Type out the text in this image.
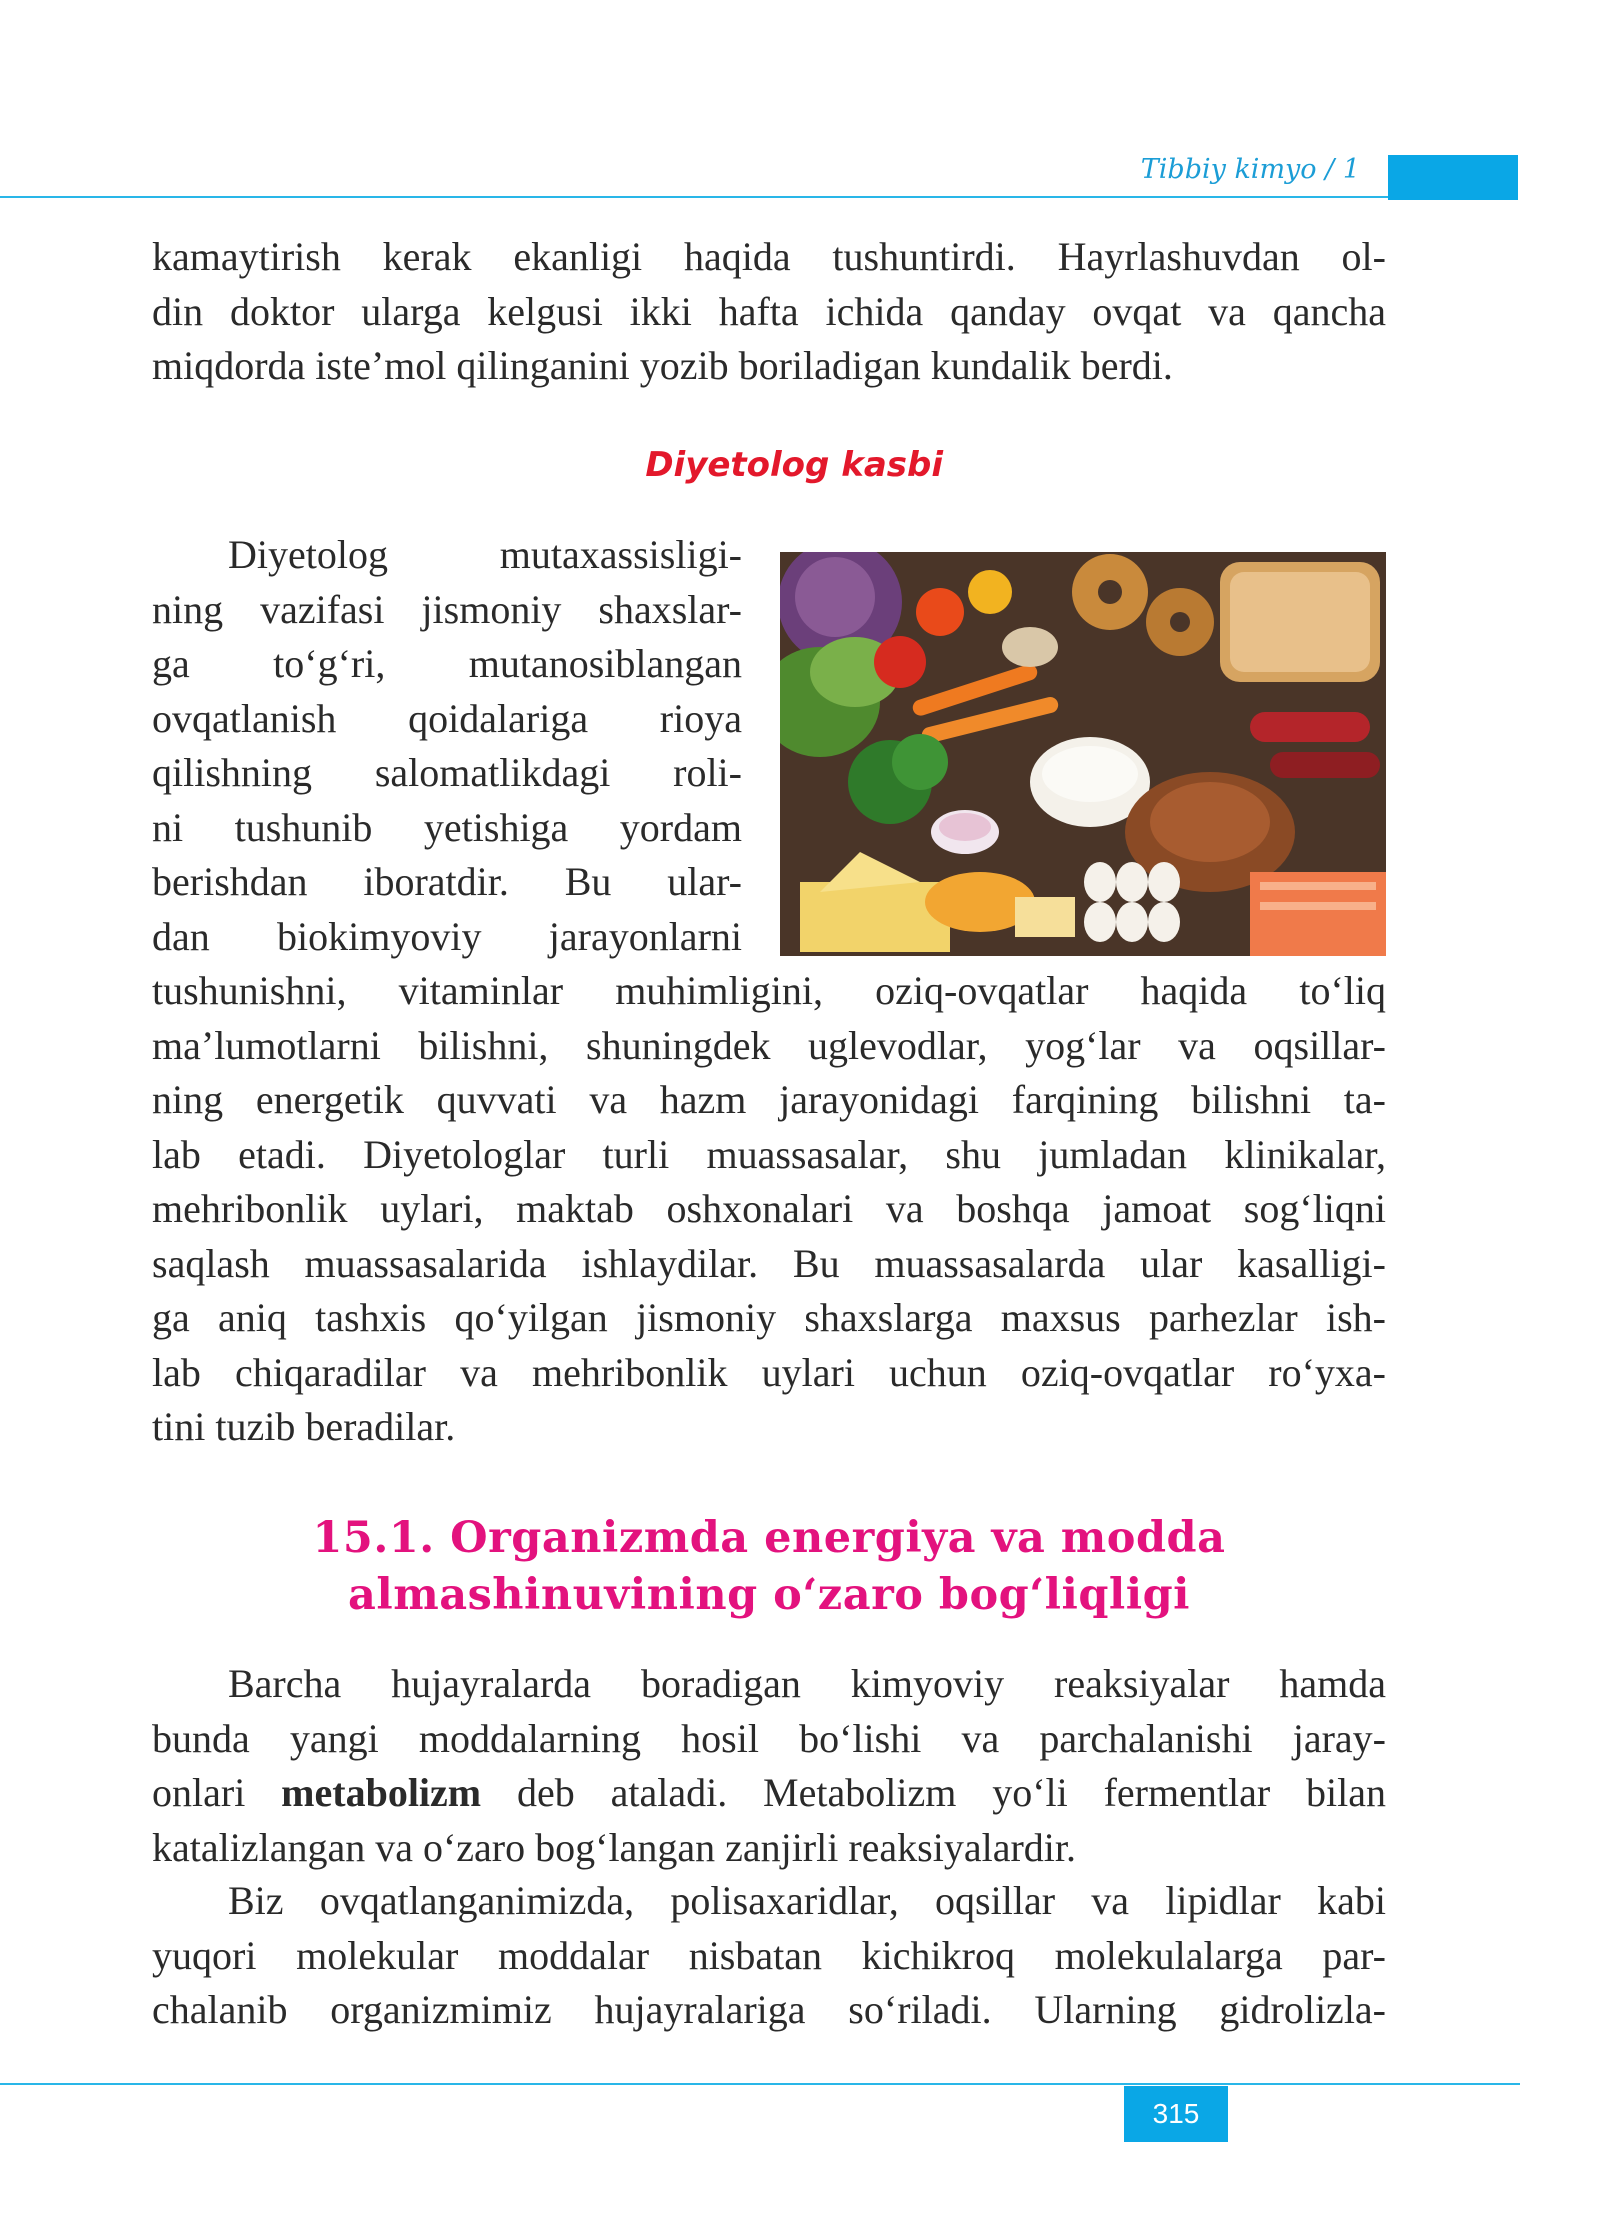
Tibbiy kimyo / 1
kamaytirish kerak ekanligi haqida tushuntirdi. Hayrlashuvdan ol-
din doktor ularga kelgusi ikki hafta ichida qanday ovqat va qancha
miqdorda iste’mol qilinganini yozib boriladigan kundalik berdi.
Diyetolog kasbi
Diyetolog mutaxassisligi-
ning vazifasi jismoniy shaxslar-
ga to‘g‘ri, mutanosiblangan
ovqatlanish qoidalariga rioya
qilishning salomatlikdagi roli-
ni tushunib yetishiga yordam
berishdan iboratdir. Bu ular-
dan biokimyoviy jarayonlarni
tushunishni, vitaminlar muhimligini, oziq-ovqatlar haqida to‘liq
ma’lumotlarni bilishni, shuningdek uglevodlar, yog‘lar va oqsillar-
ning energetik quvvati va hazm jarayonidagi farqining bilishni ta-
lab etadi. Diyetologlar turli muassasalar, shu jumladan klinikalar,
mehribonlik uylari, maktab oshxonalari va boshqa jamoat sog‘liqni
saqlash muassasalarida ishlaydilar. Bu muassasalarda ular kasalligi-
ga aniq tashxis qo‘yilgan jismoniy shaxslarga maxsus parhezlar ish-
lab chiqaradilar va mehribonlik uylari uchun oziq-ovqatlar ro‘yxa-
tini tuzib beradilar.
15.1. Organizmda energiya va modda
almashinuvining o‘zaro bog‘liqligi
Barcha hujayralarda boradigan kimyoviy reaksiyalar hamda
bunda yangi moddalarning hosil bo‘lishi va parchalanishi jaray-
onlari metabolizm deb ataladi. Metabolizm yo‘li fermentlar bilan
katalizlangan va o‘zaro bog‘langan zanjirli reaksiyalardir.
Biz ovqatlanganimizda, polisaxaridlar, oqsillar va lipidlar kabi
yuqori molekular moddalar nisbatan kichikroq molekulalarga par-
chalanib organizmimiz hujayralariga so‘riladi. Ularning gidrolizla-
315
